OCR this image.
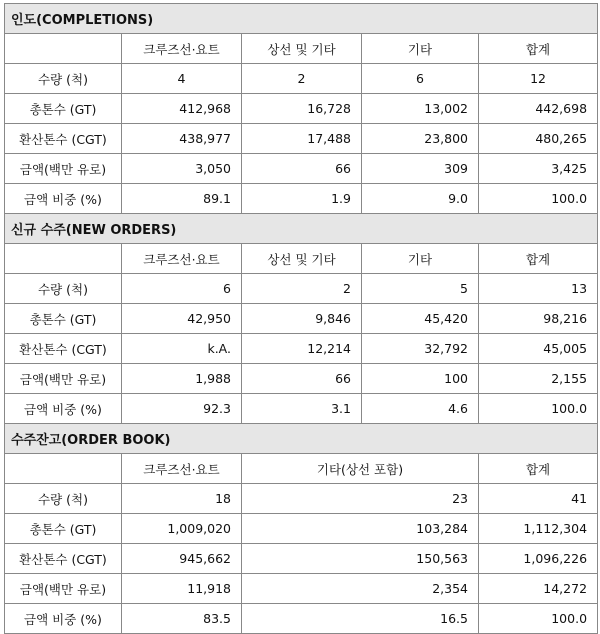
인도(COMPLETIONS)				
	크루즈선·요트	상선 및 기타	기타	합계
수량 (척)	4	2	6	12
총톤수 (GT)	412,968	16,728	13,002	442,698
환산톤수 (CGT)	438,977	17,488	23,800	480,265
금액(백만 유로)	3,050	66	309	3,425
금액 비중 (%)	89.1	1.9	9.0	100.0
신규 수주(NEW ORDERS)				
	크루즈선·요트	상선 및 기타	기타	합계
수량 (척)	6	2	5	13
총톤수 (GT)	42,950	9,846	45,420	98,216
환산톤수 (CGT)	k.A.	12,214	32,792	45,005
금액(백만 유로)	1,988	66	100	2,155
금액 비중 (%)	92.3	3.1	4.6	100.0
수주잔고(ORDER BOOK)				
	크루즈선·요트	기타(상선 포함)		합계
수량 (척)	18	23		41
총톤수 (GT)	1,009,020	103,284		1,112,304
환산톤수 (CGT)	945,662	150,563		1,096,226
금액(백만 유로)	11,918	2,354		14,272
금액 비중 (%)	83.5	16.5		100.0
